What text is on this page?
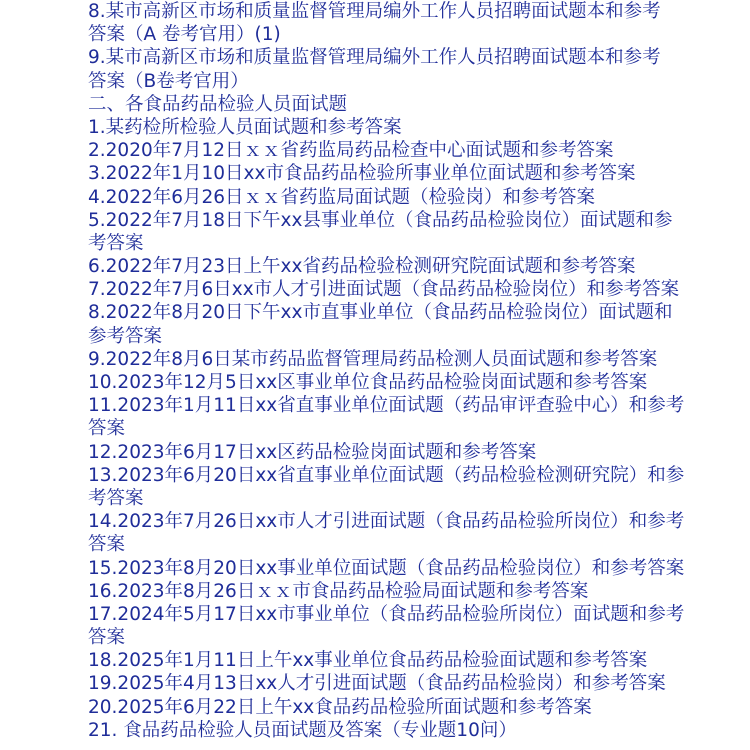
8.某市高新区市场和质量监督管理局编外工作人员招聘面试题本和参考
答案（A 卷考官用）(1)
9.某市高新区市场和质量监督管理局编外工作人员招聘面试题本和参考
答案（B卷考官用）
二、各食品药品检验人员面试题
1.某药检所检验人员面试题和参考答案
2.2020年7月12日ｘｘ省药监局药品检查中心面试题和参考答案
3.2022年1月10日xx市食品药品检验所事业单位面试题和参考答案
4.2022年6月26日ｘｘ省药监局面试题（检验岗）和参考答案
5.2022年7月18日下午xx县事业单位（食品药品检验岗位）面试题和参
考答案
6.2022年7月23日上午xx省药品检验检测研究院面试题和参考答案
7.2022年7月6日xx市人才引进面试题（食品药品检验岗位）和参考答案
8.2022年8月20日下午xx市直事业单位（食品药品检验岗位）面试题和
参考答案
9.2022年8月6日某市药品监督管理局药品检测人员面试题和参考答案
10.2023年12月5日xx区事业单位食品药品检验岗面试题和参考答案
11.2023年1月11日xx省直事业单位面试题（药品审评查验中心）和参考
答案
12.2023年6月17日xx区药品检验岗面试题和参考答案
13.2023年6月20日xx省直事业单位面试题（药品检验检测研究院）和参
考答案
14.2023年7月26日xx市人才引进面试题（食品药品检验所岗位）和参考
答案
15.2023年8月20日xx事业单位面试题（食品药品检验岗位）和参考答案
16.2023年8月26日ｘｘ市食品药品检验局面试题和参考答案
17.2024年5月17日xx市事业单位（食品药品检验所岗位）面试题和参考
答案
18.2025年1月11日上午xx事业单位食品药品检验面试题和参考答案
19.2025年4月13日xx人才引进面试题（食品药品检验岗）和参考答案
20.2025年6月22日上午xx食品药品检验所面试题和参考答案
21. 食品药品检验人员面试题及答案（专业题10问）
